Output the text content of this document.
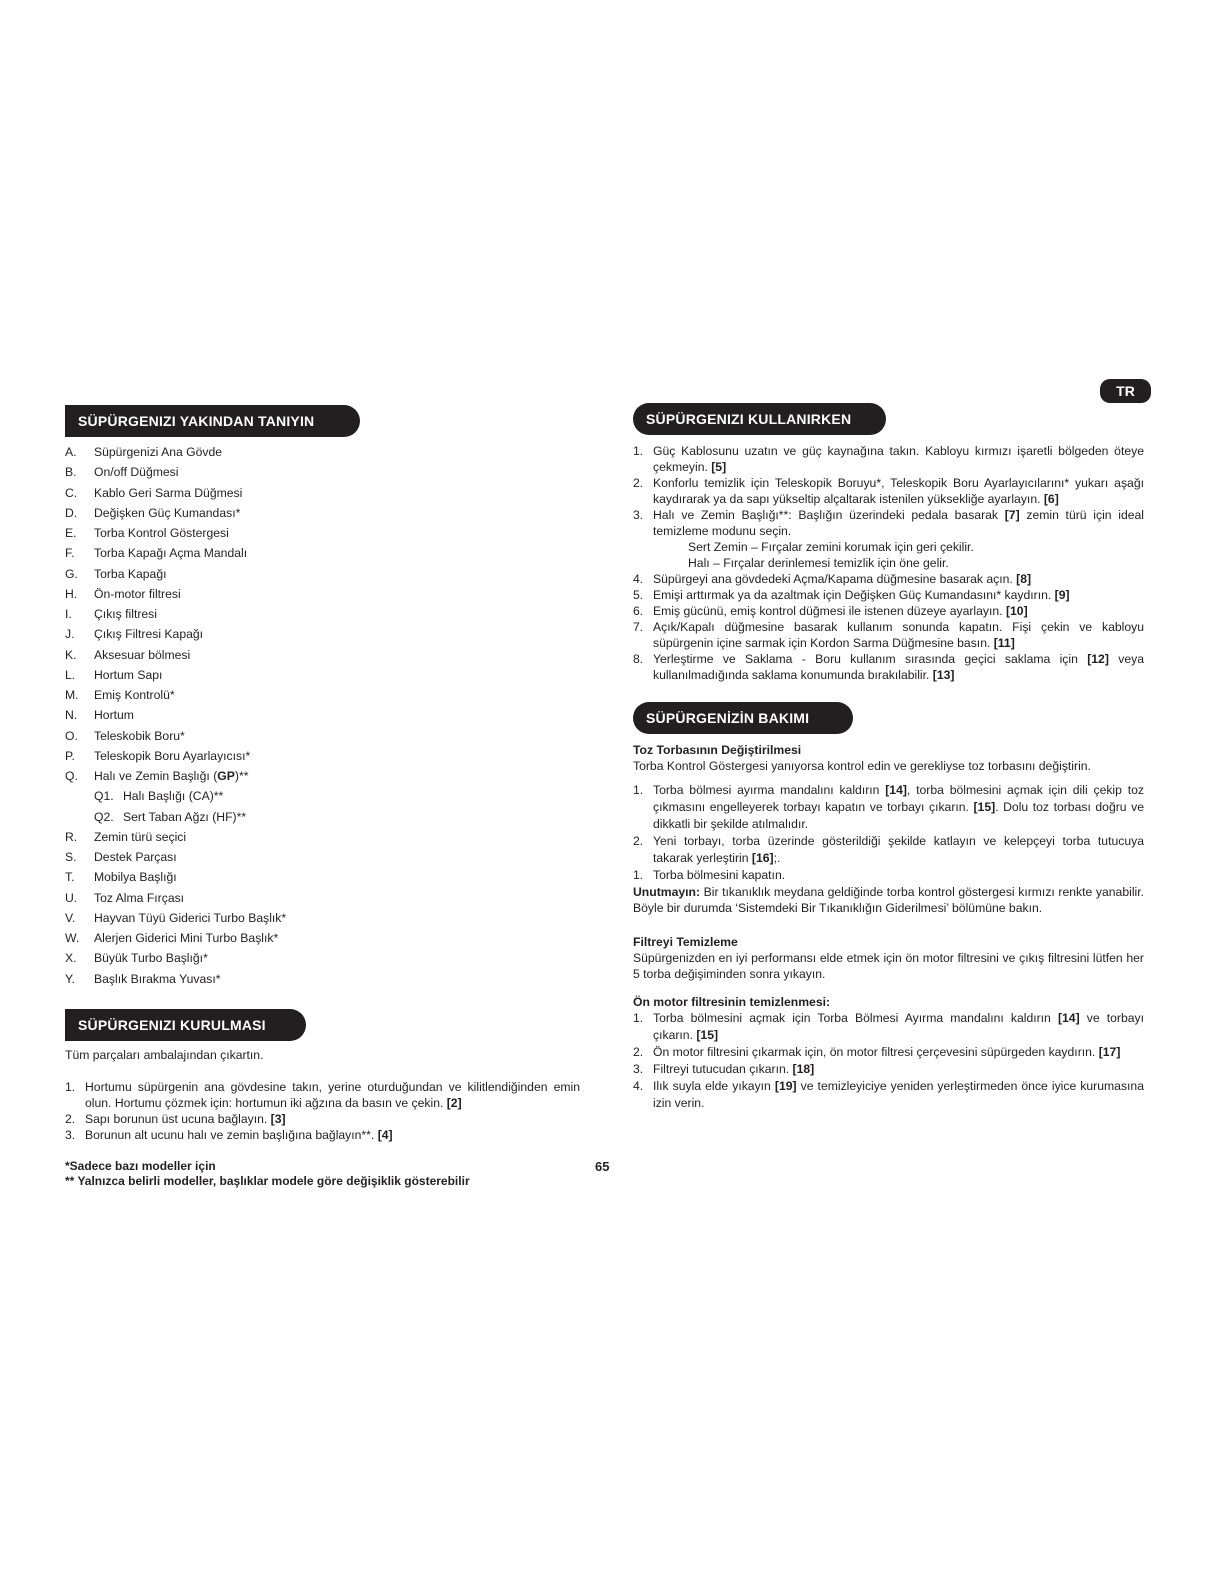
TR
SÜPÜRGENIZI YAKINDAN TANIYIN
A.	Süpürgenizi Ana Gövde
B.	On/off Düğmesi
C.	Kablo Geri Sarma Düğmesi
D.	Değişken Güç Kumandası*
E.	Torba Kontrol Göstergesi
F.	Torba Kapağı Açma Mandalı
G.	Torba Kapağı
H.	Ön-motor filtresi
I.	Çıkış filtresi
J.	Çıkış Filtresi Kapağı
K.	Aksesuar bölmesi
L.	Hortum Sapı
M.	Emiş Kontrolü*
N.	Hortum
O.	Teleskobik Boru*
P.	Teleskopik Boru Ayarlayıcısı*
Q.	Halı ve Zemin Başlığı (GP)**
Q1. Halı Başlığı (CA)**
Q2. Sert Taban Ağzı (HF)**
R.	Zemin türü seçici
S.	Destek Parçası
T.	Mobilya Başlığı
U.	Toz Alma Fırçası
V.	Hayvan Tüyü Giderici Turbo Başlık*
W.	Alerjen Giderici Mini Turbo Başlık*
X.	Büyük Turbo Başlığı*
Y.	Başlık Bırakma Yuvası*
SÜPÜRGENIZI KURULMASI
Tüm parçaları ambalajından çıkartın.
1. Hortumu süpürgenin ana gövdesine takın, yerine oturduğundan ve kilitlendiğinden emin olun. Hortumu çözmek için: hortumun iki ağzına da basın ve çekin. [2]
2. Sapı borunun üst ucuna bağlayın. [3]
3. Borunun alt ucunu halı ve zemin başlığına bağlayın**. [4]
*Sadece bazı modeller için
** Yalnızca belirli modeller, başlıklar modele göre değişiklik gösterebilir
65
SÜPÜRGENIZI KULLANIRKEN
1. Güç Kablosunu uzatın ve güç kaynağına takın. Kabloyu kırmızı işaretli bölgeden öteye çekmeyin. [5]
2. Konforlu temizlik için Teleskopik Boruyu*, Teleskopik Boru Ayarlayıcılarını* yukarı aşağı kaydırarak ya da sapı yükseltip alçaltarak istenilen yüksekliğe ayarlayın. [6]
3. Halı ve Zemin Başlığı**: Başlığın üzerindeki pedala basarak [7] zemin türü için ideal temizleme modunu seçin.
Sert Zemin – Fırçalar zemini korumak için geri çekilir.
Halı – Fırçalar derinlemesi temizlik için öne gelir.
4. Süpürgeyi ana gövdedeki Açma/Kapama düğmesine basarak açın. [8]
5. Emişi arttırmak ya da azaltmak için Değişken Güç Kumandasını* kaydırın. [9]
6. Emiş gücünü, emiş kontrol düğmesi ile istenen düzeye ayarlayın. [10]
7. Açık/Kapalı düğmesine basarak kullanım sonunda kapatın. Fişi çekin ve kabloyu süpürgenin içine sarmak için Kordon Sarma Düğmesine basın. [11]
8. Yerleştirme ve Saklama - Boru kullanım sırasında geçici saklama için [12] veya kullanılmadığında saklama konumunda bırakılabilir. [13]
SÜPÜRGENİZİN BAKIMI
Toz Torbasının Değiştirilmesi
Torba Kontrol Göstergesi yanıyorsa kontrol edin ve gerekliyse toz torbasını değiştirin.
1. Torba bölmesi ayırma mandalını kaldırın [14], torba bölmesini açmak için dili çekip toz çıkmasını engelleyerek torbayı kapatın ve torbayı çıkarın. [15]. Dolu toz torbası doğru ve dikkatli bir şekilde atılmalıdır.
2. Yeni torbayı, torba üzerinde gösterildiği şekilde katlayın ve kelepçeyi torba tutucuya takarak yerleştirin [16];.
1. Torba bölmesini kapatın.
Unutmayın: Bir tıkanıklık meydana geldiğinde torba kontrol göstergesi kırmızı renkte yanabilir. Böyle bir durumda ‘Sistemdeki Bir Tıkanıklığın Giderilmesi’ bölümüne bakın.
Filtreyi Temizleme
Süpürgenizden en iyi performansı elde etmek için ön motor filtresini ve çıkış filtresini lütfen her 5 torba değişiminden sonra yıkayın.
Ön motor filtresinin temizlenmesi:
1. Torba bölmesini açmak için Torba Bölmesi Ayırma mandalını kaldırın [14] ve torbayı çıkarın. [15]
2. Ön motor filtresini çıkarmak için, ön motor filtresi çerçevesini süpürgeden kaydırın. [17]
3. Filtreyi tutucudan çıkarın. [18]
4. Ilık suyla elde yıkayın [19] ve temizleyiciye yeniden yerleştirmeden önce iyice kurumasına izin verin.
